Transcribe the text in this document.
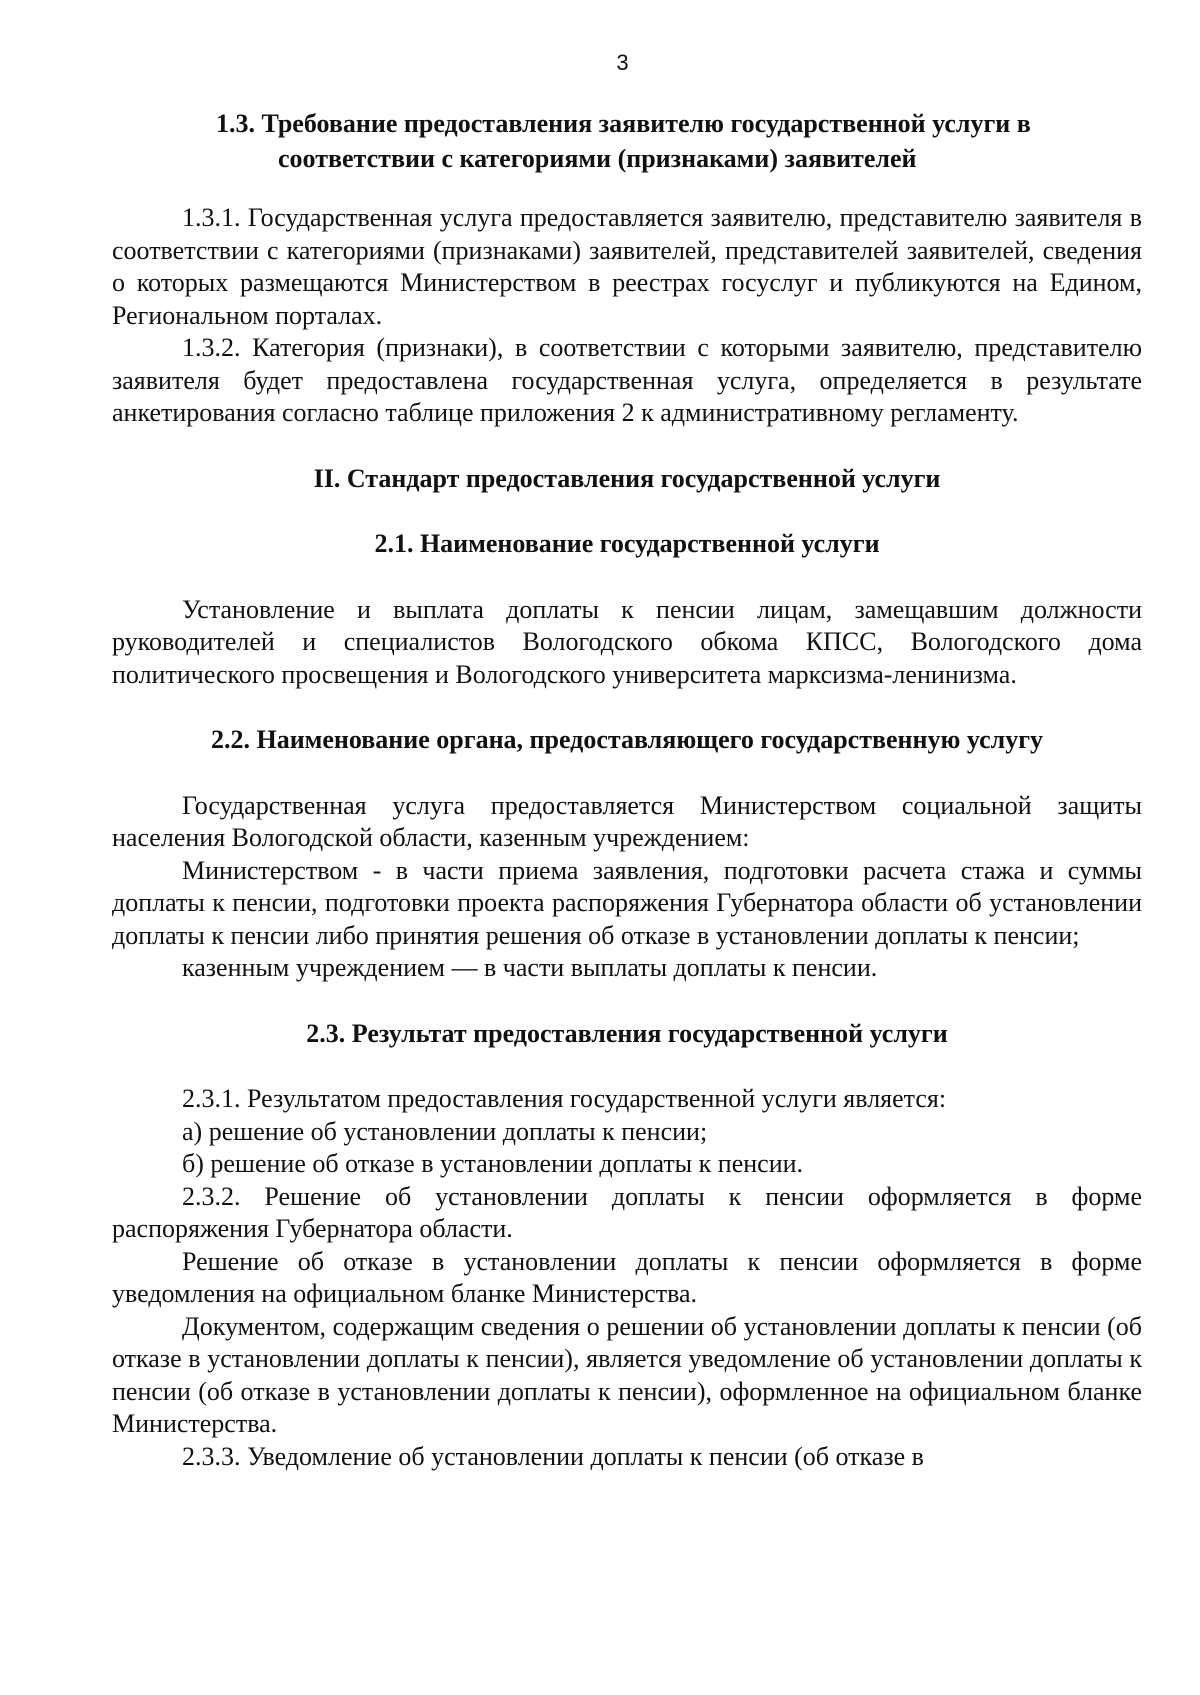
3
1.3. Требование предоставления заявителю государственной услуги в
соответствии с категориями (признаками) заявителей

1.3.1. Государственная услуга предоставляется заявителю, представителю заявителя в соответствии с категориями (признаками) заявителей, представителей заявителей, сведения о которых размещаются Министерством в реестрах госуслуг и публикуются на Едином, Региональном порталах.

1.3.2. Категория (признаки), в соответствии с которыми заявителю, представителю заявителя будет предоставлена государственная услуга, определяется в результате анкетирования согласно таблице приложения 2 к административному регламенту.

II. Стандарт предоставления государственной услуги
2.1. Наименование государственной услуги

Установление и выплата доплаты к пенсии лицам, замещавшим должности руководителей и специалистов Вологодского обкома КПСС, Вологодского дома политического просвещения и Вологодского университета марксизма-ленинизма.

2.2. Наименование органа, предоставляющего государственную услугу

Государственная услуга предоставляется Министерством социальной защиты населения Вологодской области, казенным учреждением:

Министерством - в части приема заявления, подготовки расчета стажа и суммы доплаты к пенсии, подготовки проекта распоряжения Губернатора области об установлении доплаты к пенсии либо принятия решения об отказе в установлении доплаты к пенсии;

казенным учреждением — в части выплаты доплаты к пенсии.

2.3. Результат предоставления государственной услуги

2.3.1. Результатом предоставления государственной услуги является:

а) решение об установлении доплаты к пенсии;

б) решение об отказе в установлении доплаты к пенсии.

2.3.2. Решение об установлении доплаты к пенсии оформляется в форме распоряжения Губернатора области.

Решение об отказе в установлении доплаты к пенсии оформляется в форме уведомления на официальном бланке Министерства.

Документом, содержащим сведения о решении об установлении доплаты к пенсии (об отказе в установлении доплаты к пенсии), является уведомление об установлении доплаты к пенсии (об отказе в установлении доплаты к пенсии), оформленное на официальном бланке Министерства.

2.3.3. Уведомление об установлении доплаты к пенсии (об отказе в
